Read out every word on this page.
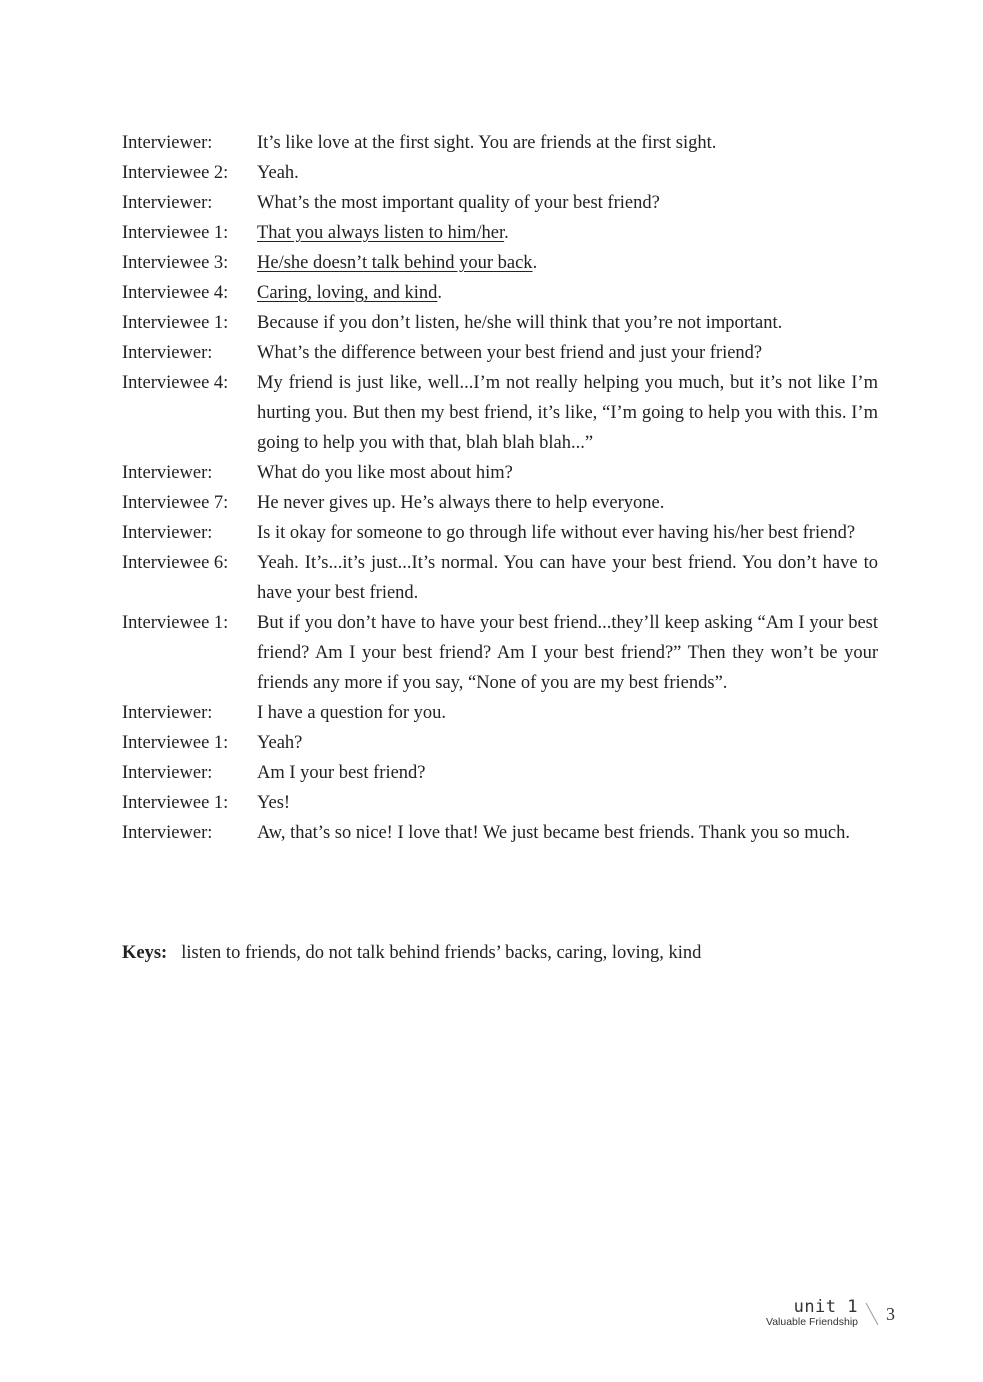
Interviewer:	It’s like love at the first sight. You are friends at the first sight.
Interviewee 2:	Yeah.
Interviewer:	What’s the most important quality of your best friend?
Interviewee 1:	That you always listen to him/her.
Interviewee 3:	He/she doesn’t talk behind your back.
Interviewee 4:	Caring, loving, and kind.
Interviewee 1:	Because if you don’t listen, he/she will think that you’re not important.
Interviewer:	What’s the difference between your best friend and just your friend?
Interviewee 4:	My friend is just like, well...I’m not really helping you much, but it’s not like I’m hurting you. But then my best friend, it’s like, “I’m going to help you with this. I’m going to help you with that, blah blah blah...”
Interviewer:	What do you like most about him?
Interviewee 7:	He never gives up. He’s always there to help everyone.
Interviewer:	Is it okay for someone to go through life without ever having his/her best friend?
Interviewee 6:	Yeah. It’s...it’s just...It’s normal. You can have your best friend. You don’t have to have your best friend.
Interviewee 1:	But if you don’t have to have your best friend...they’ll keep asking “Am I your best friend? Am I your best friend? Am I your best friend?” Then they won’t be your friends any more if you say, “None of you are my best friends”.
Interviewer:	I have a question for you.
Interviewee 1:	Yeah?
Interviewer:	Am I your best friend?
Interviewee 1:	Yes!
Interviewer:	Aw, that’s so nice! I love that! We just became best friends. Thank you so much.
Keys: listen to friends, do not talk behind friends’ backs, caring, loving, kind
unit 1
Valuable Friendship 3
